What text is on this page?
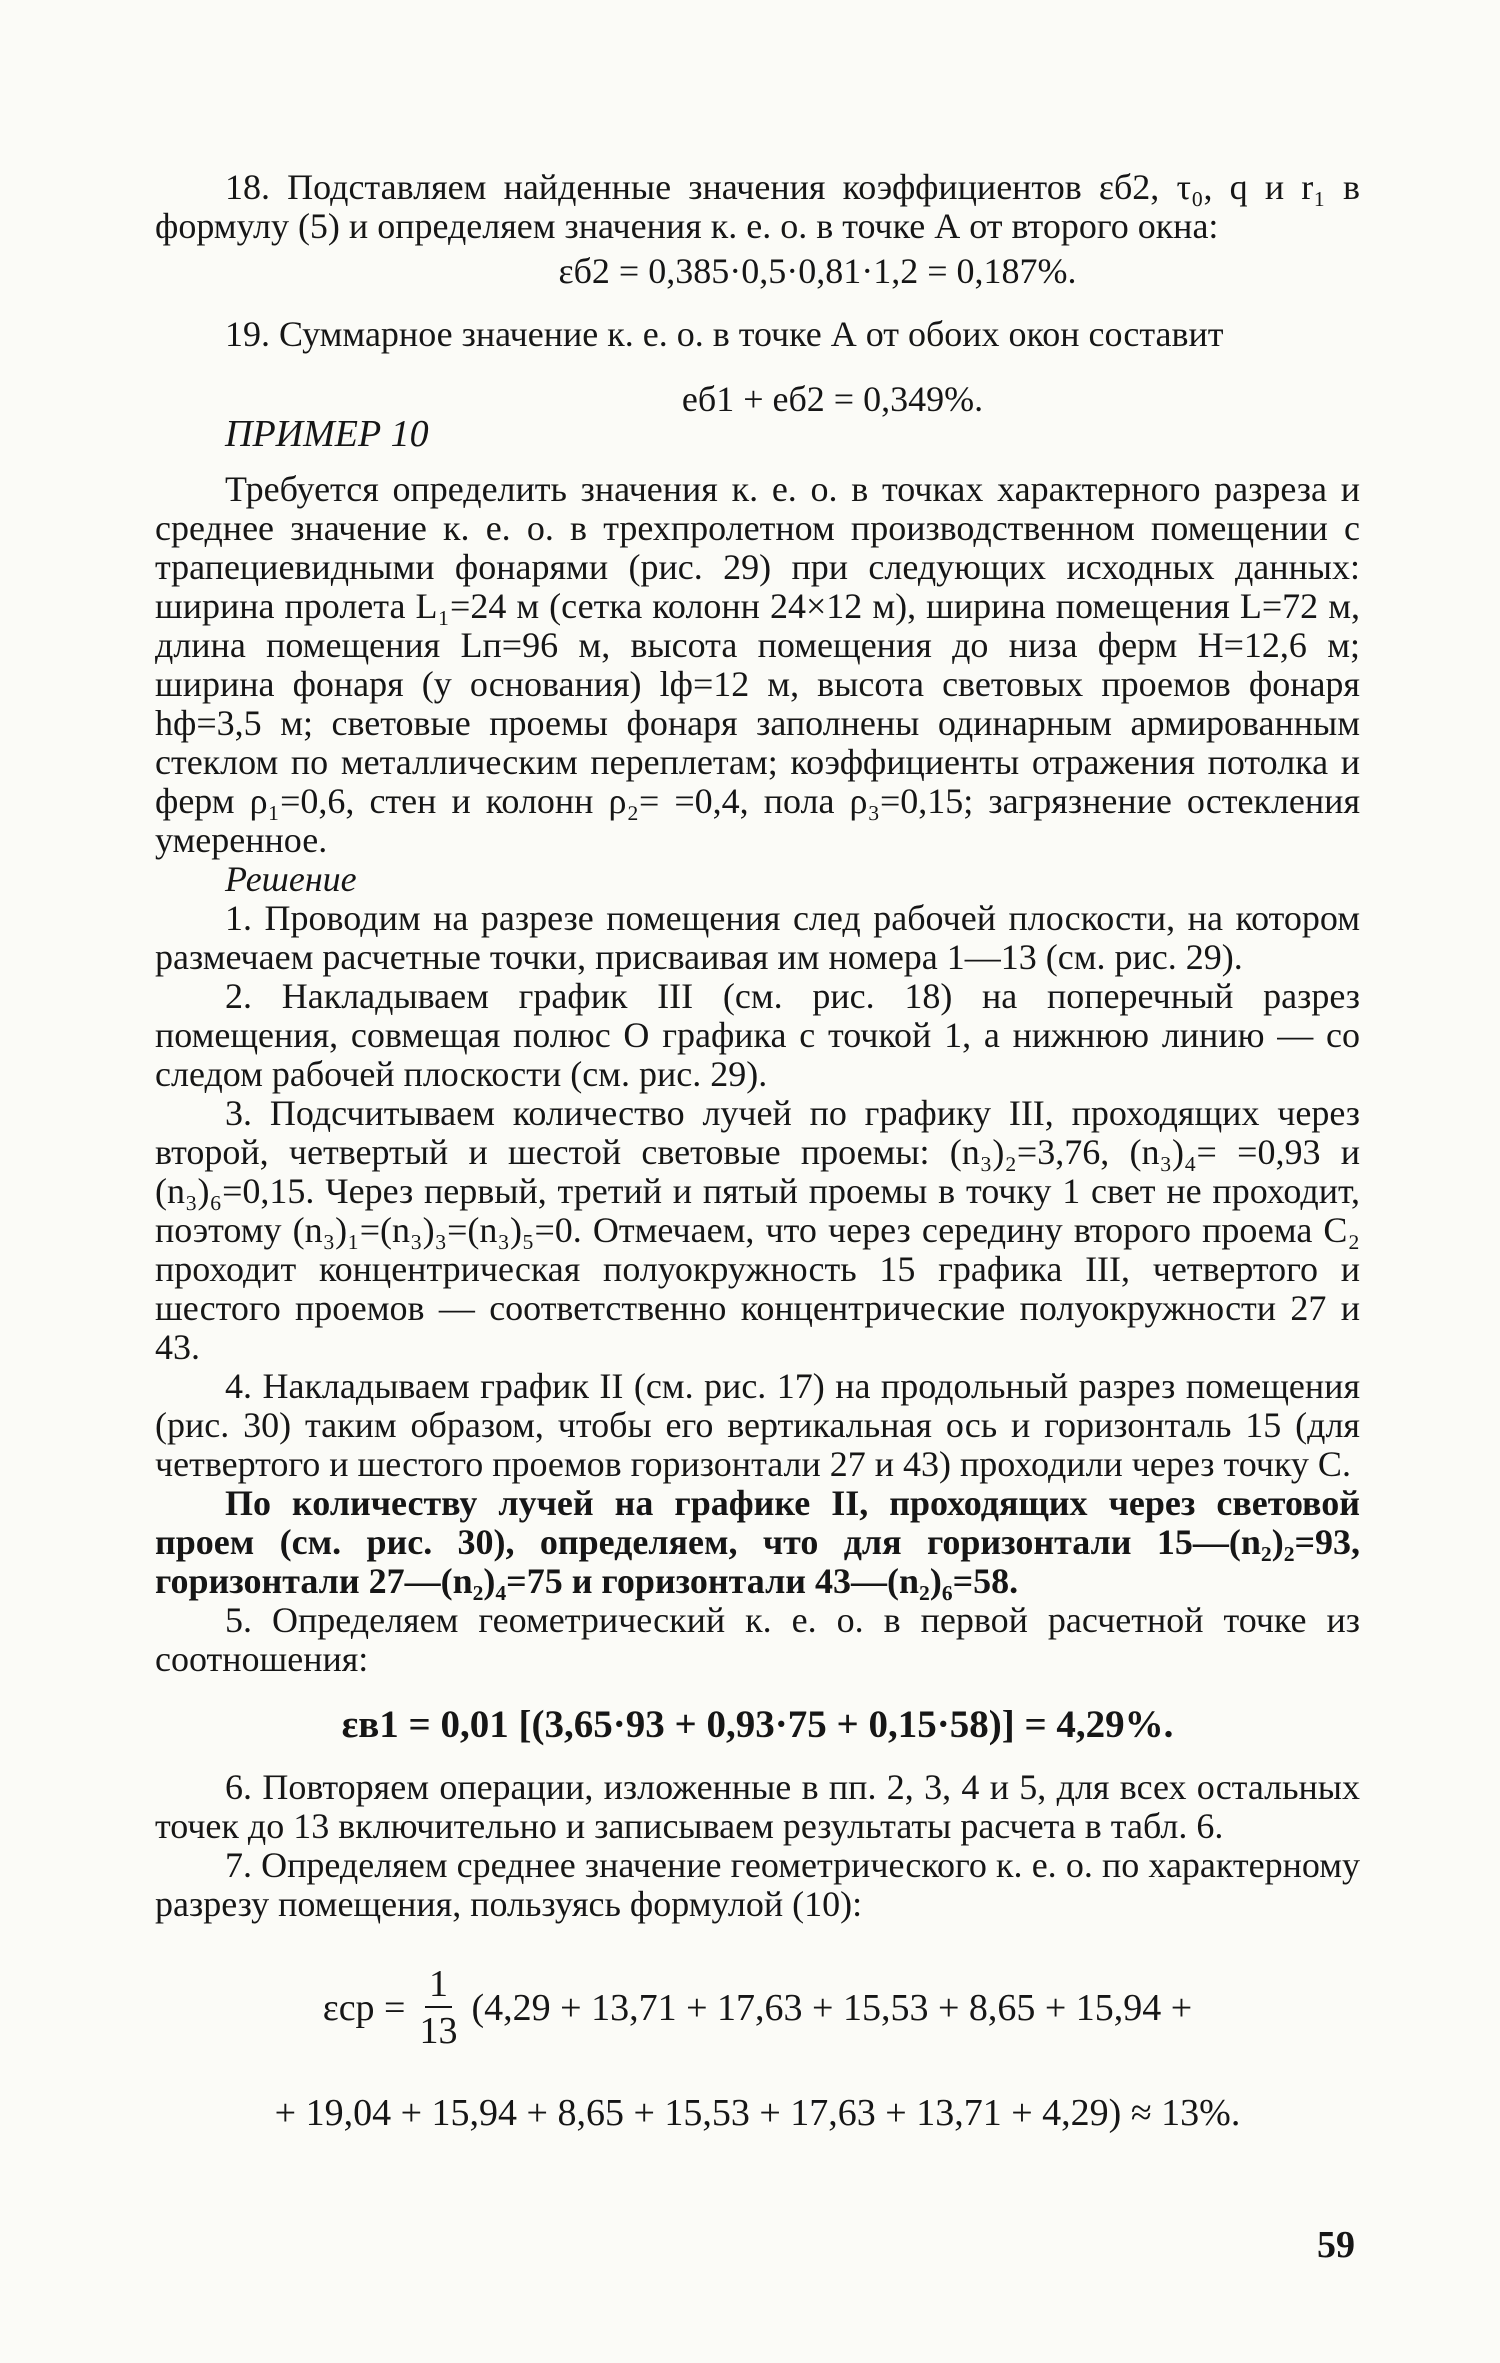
18. Подставляем найденные значения коэффициентов εб2, τ₀, q и r₁ в формулу (5) и определяем значения к. е. о. в точке А от второго окна:

εб2 = 0,385·0,5·0,81·1,2 = 0,187%.

19. Суммарное значение к. е. о. в точке А от обоих окон составит

eб1 + eб2 = 0,349%.

ПРИМЕР 10

Требуется определить значения к. е. о. в точках характерного разреза и среднее значение к. е. о. в трехпролетном производственном помещении с трапециевидными фонарями (рис. 29) при следующих исходных данных: ширина пролета L₁=24 м (сетка колонн 24×12 м), ширина помещения L=72 м, длина помещения Lп=96 м, высота помещения до низа ферм H=12,6 м; ширина фонаря (у основания) lф=12 м, высота световых проемов фонаря hф=3,5 м; световые проемы фонаря заполнены одинарным армированным стеклом по металлическим переплетам; коэффициенты отражения потолка и ферм ρ₁=0,6, стен и колонн ρ₂= =0,4, пола ρ₃=0,15; загрязнение остекления умеренное.

Решение

1. Проводим на разрезе помещения след рабочей плоскости, на котором размечаем расчетные точки, присваивая им номера 1—13 (см. рис. 29).

2. Накладываем график III (см. рис. 18) на поперечный разрез помещения, совмещая полюс О графика с точкой 1, а нижнюю линию — со следом рабочей плоскости (см. рис. 29).

3. Подсчитываем количество лучей по графику III, проходящих через второй, четвертый и шестой световые проемы: (n₃)₂=3,76, (n₃)₄= =0,93 и (n₃)₆=0,15. Через первый, третий и пятый проемы в точку 1 свет не проходит, поэтому (n₃)₁=(n₃)₃=(n₃)₅=0. Отмечаем, что через середину второго проема C₂ проходит концентрическая полуокружность 15 графика III, четвертого и шестого проемов — соответственно концентрические полуокружности 27 и 43.

4. Накладываем график II (см. рис. 17) на продольный разрез помещения (рис. 30) таким образом, чтобы его вертикальная ось и горизонталь 15 (для четвертого и шестого проемов горизонтали 27 и 43) проходили через точку С.

По количеству лучей на графике II, проходящих через световой проем (см. рис. 30), определяем, что для горизонтали 15—(n₂)₂=93, горизонтали 27—(n₂)₄=75 и горизонтали 43—(n₂)₆=58.

5. Определяем геометрический к. е. о. в первой расчетной точке из соотношения:

εв1 = 0,01 [(3,65·93 + 0,93·75 + 0,15·58)] = 4,29%.

6. Повторяем операции, изложенные в пп. 2, 3, 4 и 5, для всех остальных точек до 13 включительно и записываем результаты расчета в табл. 6.

7. Определяем среднее значение геометрического к. е. о. по характерному разрезу помещения, пользуясь формулой (10):

$\varepsilon ср = \frac{1}{13} (4,29 + 13,71 + 17,63 + 15,53 + 8,65 + 15,94$ +
+ 19,04 + 15,94 + 8,65 + 15,53 + 17,63 + 13,71 + 4,29) ≈ 13%.
59
